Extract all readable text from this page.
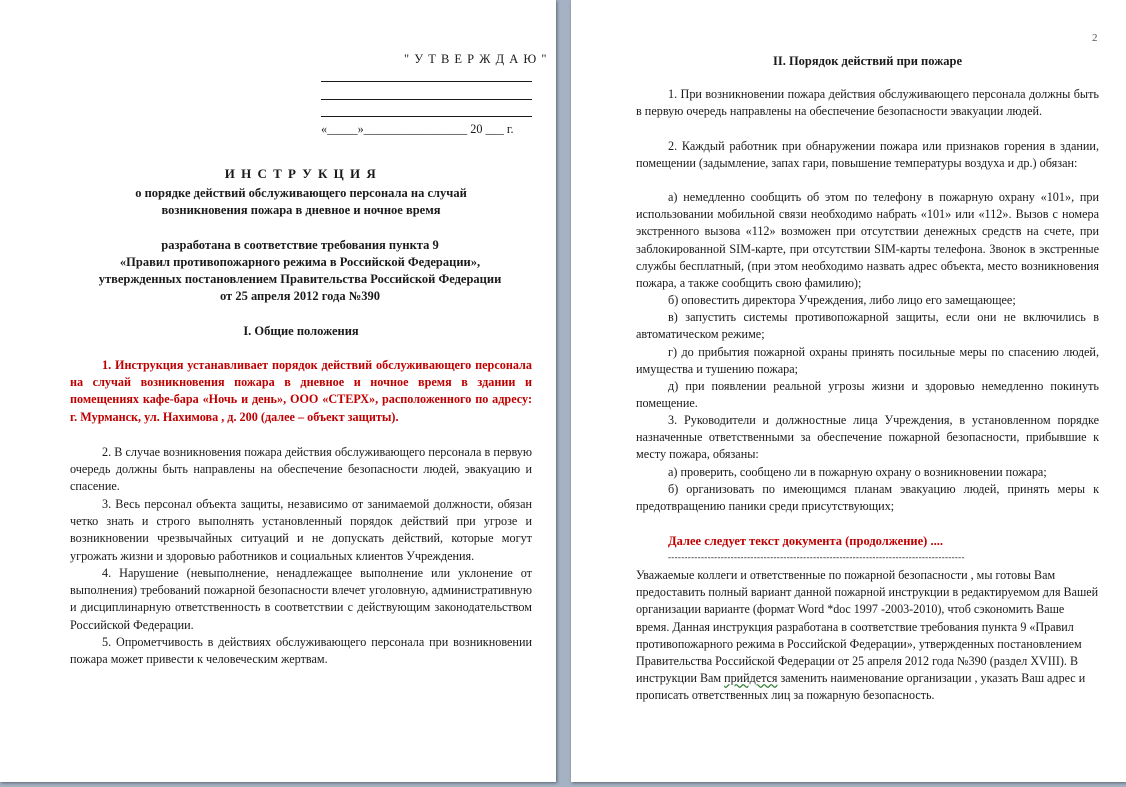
" У Т В Е Р Ж Д А Ю "
«_____»_________________ 20 ___ г.
И Н С Т Р У К Ц И Я
о порядке действий обслуживающего персонала на случай
возникновения пожара в дневное и ночное время
разработана в соответствие требования пункта 9
«Правил противопожарного режима в Российской Федерации»,
утвержденных постановлением Правительства Российской Федерации
от 25 апреля 2012 года №390
I. Общие положения

1. Инструкция устанавливает порядок действий обслуживающего персонала на случай возникновения пожара в дневное и ночное время в здании и помещениях кафе-бара «Ночь и день», ООО «СТЕРХ», расположенного по адресу: г. Мурманск, ул. Нахимова , д. 200 (далее – объект защиты).

2. В случае возникновения пожара действия обслуживающего персонала в первую очередь должны быть направлены на обеспечение безопасности людей, эвакуацию и спасение.

3. Весь персонал объекта защиты, независимо от занимаемой должности, обязан четко знать и строго выполнять установленный порядок действий при угрозе и возникновении чрезвычайных ситуаций и не допускать действий, которые могут угрожать жизни и здоровью работников и социальных клиентов Учреждения.

4. Нарушение (невыполнение, ненадлежащее выполнение или уклонение от выполнения) требований пожарной безопасности влечет уголовную, административную и дисциплинарную ответственность в соответствии с действующим законодательством Российской Федерации.

5. Опрометчивость в действиях обслуживающего персонала при возникновении пожара может привести к человеческим жертвам.

2
II. Порядок действий при пожаре

1. При возникновении пожара действия обслуживающего персонала должны быть в первую очередь направлены на обеспечение безопасности эвакуации людей.

2. Каждый работник при обнаружении пожара или признаков горения в здании, помещении (задымление, запах гари, повышение температуры воздуха и др.) обязан:

а) немедленно сообщить об этом по телефону в пожарную охрану «101», при использовании мобильной связи необходимо набрать «101» или «112». Вызов с номера экстренного вызова «112» возможен при отсутствии денежных средств на счете, при заблокированной SIM-карте, при отсутствии SIM-карты телефона. Звонок в экстренные службы бесплатный, (при этом необходимо назвать адрес объекта, место возникновения пожара, а также сообщить свою фамилию);

б) оповестить директора Учреждения, либо лицо его замещающее;

в) запустить системы противопожарной защиты, если они не включились в автоматическом режиме;

г) до прибытия пожарной охраны принять посильные меры по спасению людей, имущества и тушению пожара;

д) при появлении реальной угрозы жизни и здоровью немедленно покинуть помещение.

3. Руководители и должностные лица Учреждения, в установленном порядке назначенные ответственными за обеспечение пожарной безопасности, прибывшие к месту пожара, обязаны:

а) проверить, сообщено ли в пожарную охрану о возникновении пожара;

б) организовать по имеющимся планам эвакуацию людей, принять меры к предотвращению паники среди присутствующих;

Далее следует текст документа (продолжение) ....
------------------------------------------------------------------------------------------

Уважаемые коллеги и ответственные по пожарной безопасности , мы готовы Вам предоставить полный вариант данной пожарной инструкции в редактируемом для Вашей организации варианте (формат Word *doc 1997 -2003-2010), чтоб сэкономить Ваше время. Данная инструкция разработана в соответствие требования пункта 9 «Правил противопожарного режима в Российской Федерации», утвержденных постановлением Правительства Российской Федерации от 25 апреля 2012 года №390 (раздел XVIII). В инструкции Вам прийдется заменить наименование организации , указать Ваш адрес и прописать ответственных лиц за пожарную безопасность.
